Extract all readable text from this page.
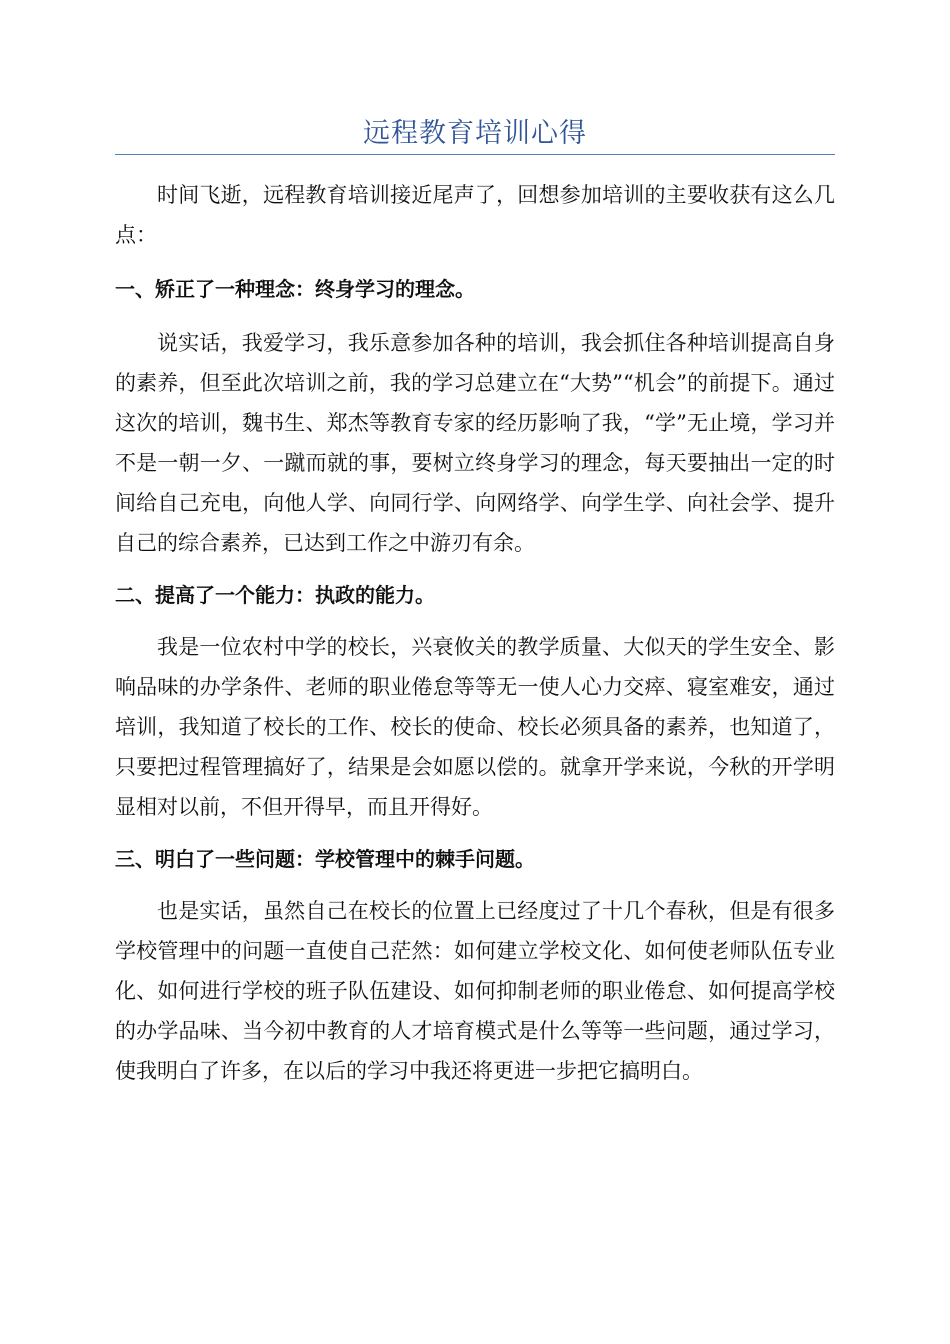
远程教育培训心得

时间飞逝，远程教育培训接近尾声了，回想参加培训的主要收获有这么几点：

一、矫正了一种理念：终身学习的理念。

说实话，我爱学习，我乐意参加各种的培训，我会抓住各种培训提高自身的素养，但至此次培训之前，我的学习总建立在“大势”“机会”的前提下。通过这次的培训，魏书生、郑杰等教育专家的经历影响了我，“学”无止境，学习并不是一朝一夕、一蹴而就的事，要树立终身学习的理念，每天要抽出一定的时间给自己充电，向他人学、向同行学、向网络学、向学生学、向社会学、提升自己的综合素养，已达到工作之中游刃有余。

二、提高了一个能力：执政的能力。

我是一位农村中学的校长，兴衰攸关的教学质量、大似天的学生安全、影响品味的办学条件、老师的职业倦怠等等无一使人心力交瘁、寝室难安，通过培训，我知道了校长的工作、校长的使命、校长必须具备的素养，也知道了，只要把过程管理搞好了，结果是会如愿以偿的。就拿开学来说，今秋的开学明显相对以前，不但开得早，而且开得好。

三、明白了一些问题：学校管理中的棘手问题。

也是实话，虽然自己在校长的位置上已经度过了十几个春秋，但是有很多学校管理中的问题一直使自己茫然：如何建立学校文化、如何使老师队伍专业化、如何进行学校的班子队伍建设、如何抑制老师的职业倦怠、如何提高学校的办学品味、当今初中教育的人才培育模式是什么等等一些问题，通过学习，使我明白了许多，在以后的学习中我还将更进一步把它搞明白。
